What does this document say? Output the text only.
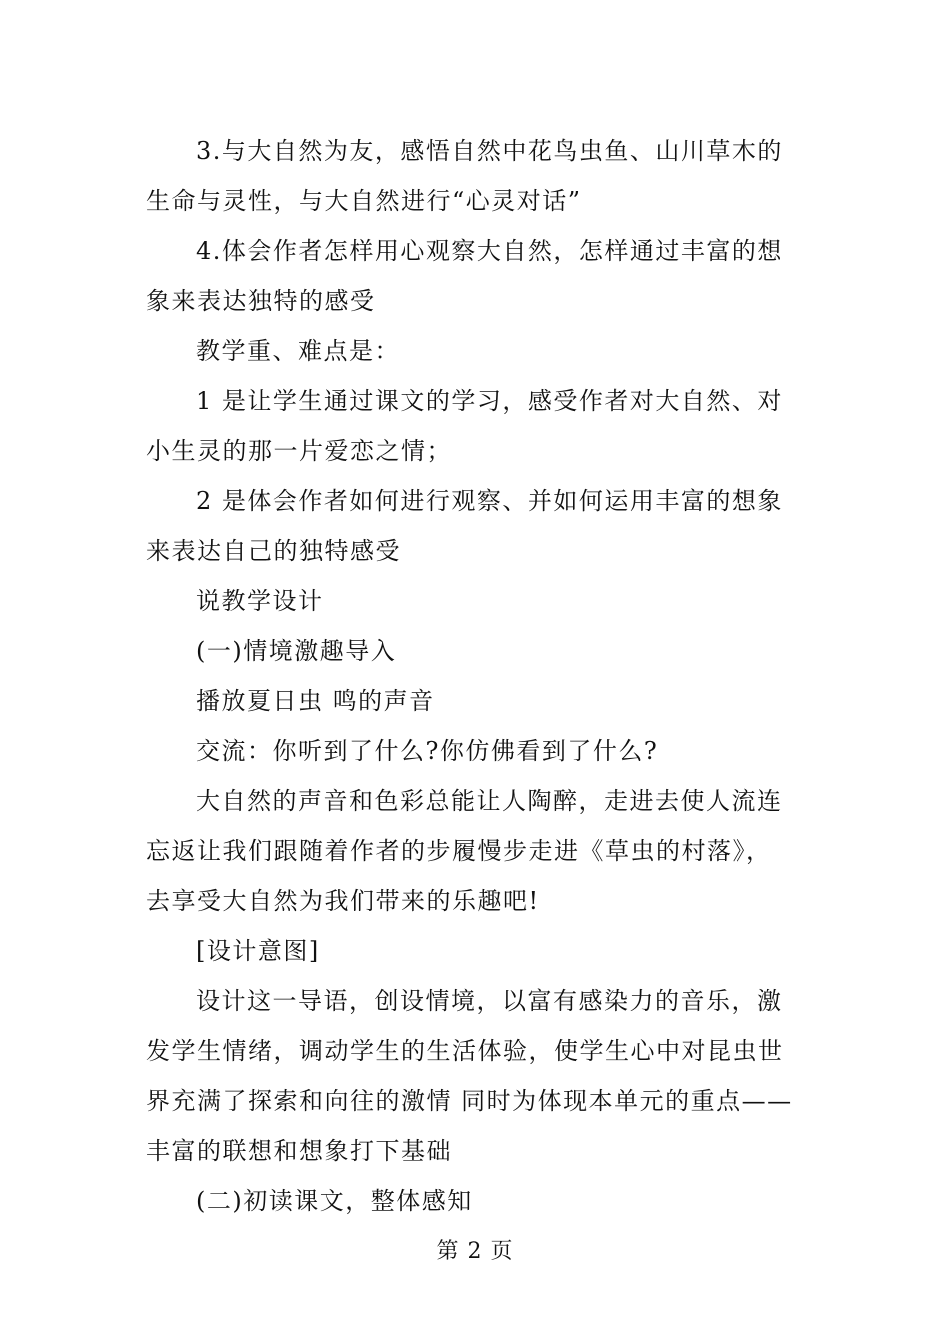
3.与大自然为友，感悟自然中花鸟虫鱼、山川草木的
生命与灵性，与大自然进行“心灵对话”
4.体会作者怎样用心观察大自然，怎样通过丰富的想
象来表达独特的感受
教学重、难点是：
1 是让学生通过课文的学习，感受作者对大自然、对
小生灵的那一片爱恋之情；
2 是体会作者如何进行观察、并如何运用丰富的想象
来表达自己的独特感受
说教学设计
(一)情境激趣导入
播放夏日虫 鸣的声音
交流：你听到了什么?你仿佛看到了什么?
大自然的声音和色彩总能让人陶醉，走进去使人流连
忘返让我们跟随着作者的步履慢步走进《草虫的村落》，
去享受大自然为我们带来的乐趣吧!
[设计意图]
设计这一导语，创设情境，以富有感染力的音乐，激
发学生情绪，调动学生的生活体验，使学生心中对昆虫世
界充满了探索和向往的激情 同时为体现本单元的重点——
丰富的联想和想象打下基础
(二)初读课文，整体感知
第 2 页
